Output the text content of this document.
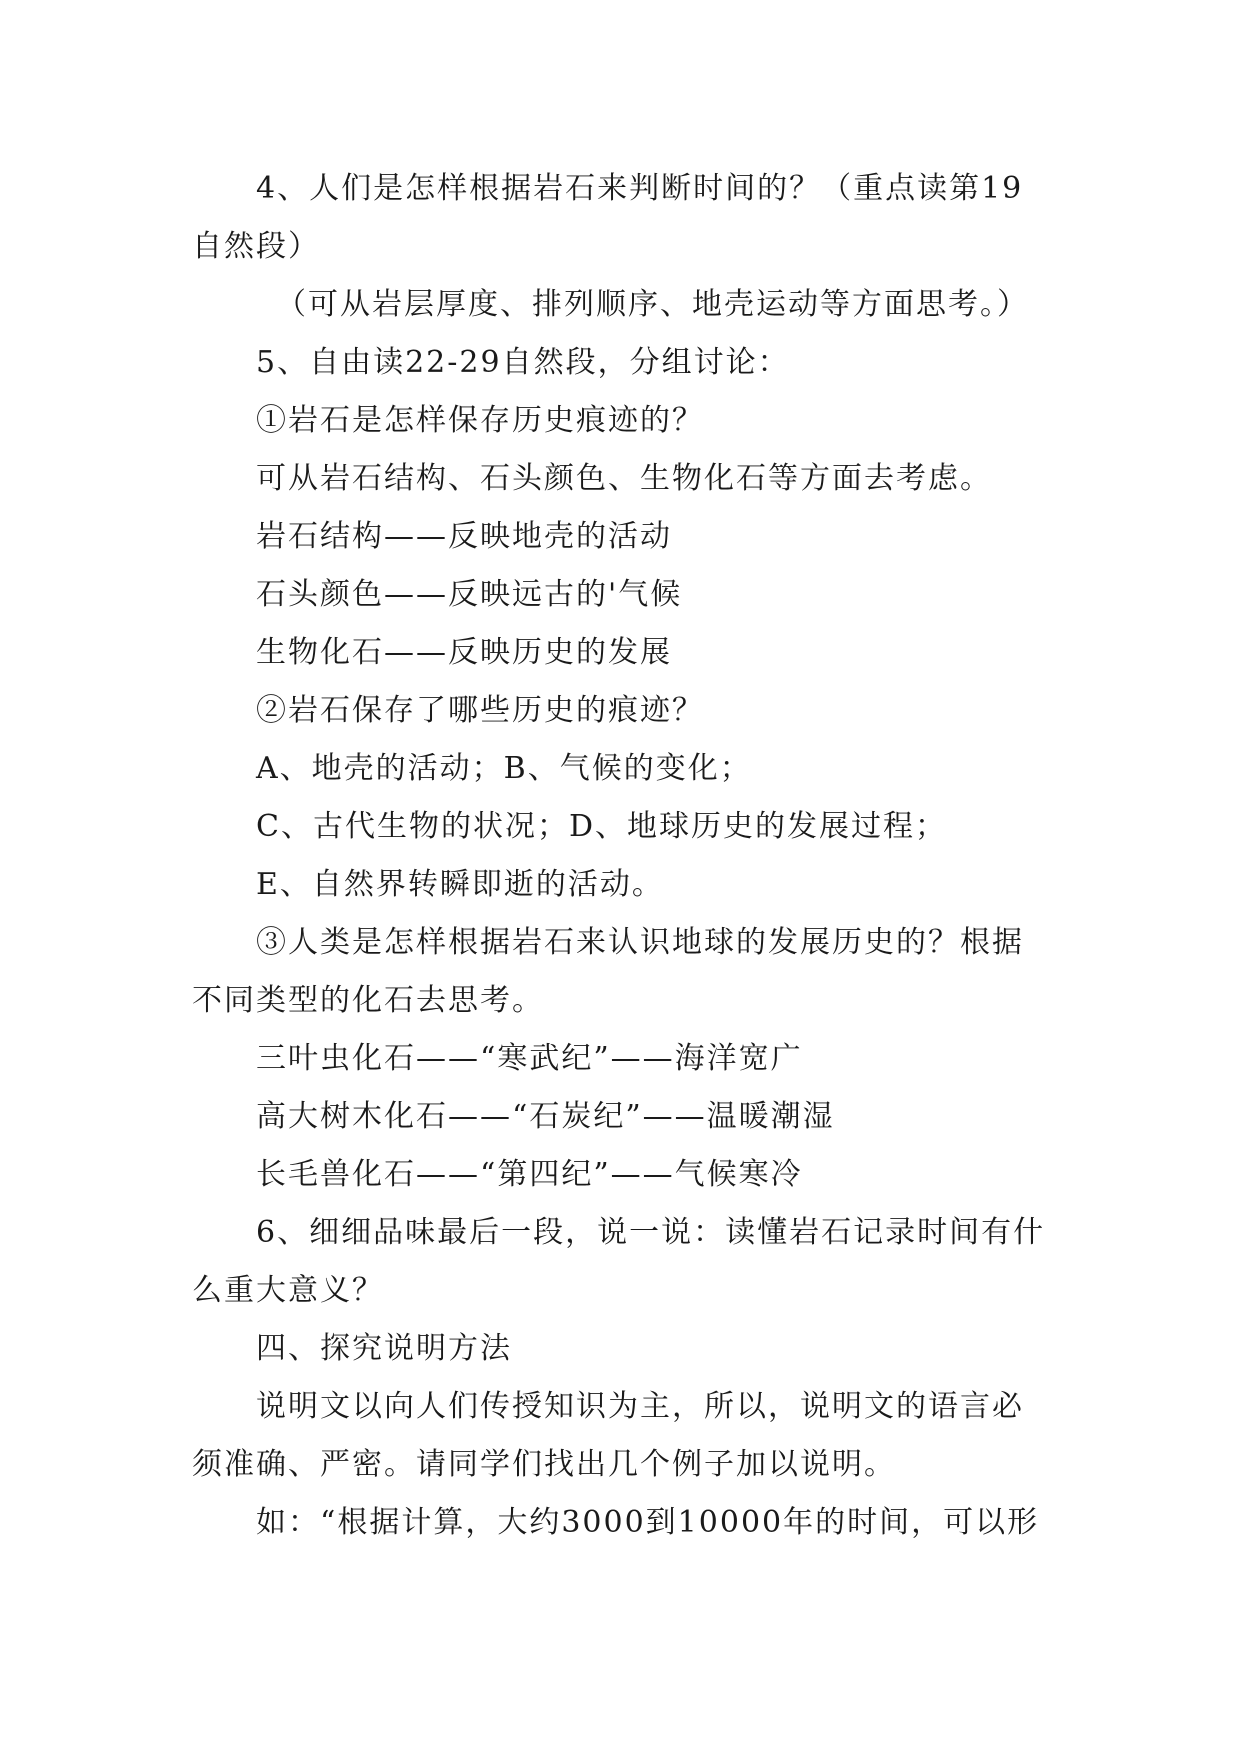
4、人们是怎样根据岩石来判断时间的？（重点读第19自然段）

（可从岩层厚度、排列顺序、地壳运动等方面思考。）

5、自由读22-29自然段，分组讨论：

①岩石是怎样保存历史痕迹的？

可从岩石结构、石头颜色、生物化石等方面去考虑。

岩石结构——反映地壳的活动

石头颜色——反映远古的'气候

生物化石——反映历史的发展

②岩石保存了哪些历史的痕迹？

A、地壳的活动；B、气候的变化；

C、古代生物的状况；D、地球历史的发展过程；

E、自然界转瞬即逝的活动。

③人类是怎样根据岩石来认识地球的发展历史的？根据不同类型的化石去思考。

三叶虫化石——“寒武纪”——海洋宽广

高大树木化石——“石炭纪”——温暖潮湿

长毛兽化石——“第四纪”——气候寒冷

6、细细品味最后一段，说一说：读懂岩石记录时间有什么重大意义？

四、探究说明方法

说明文以向人们传授知识为主，所以，说明文的语言必须准确、严密。请同学们找出几个例子加以说明。

如：“根据计算，大约3000到10000年的时间，可以形
